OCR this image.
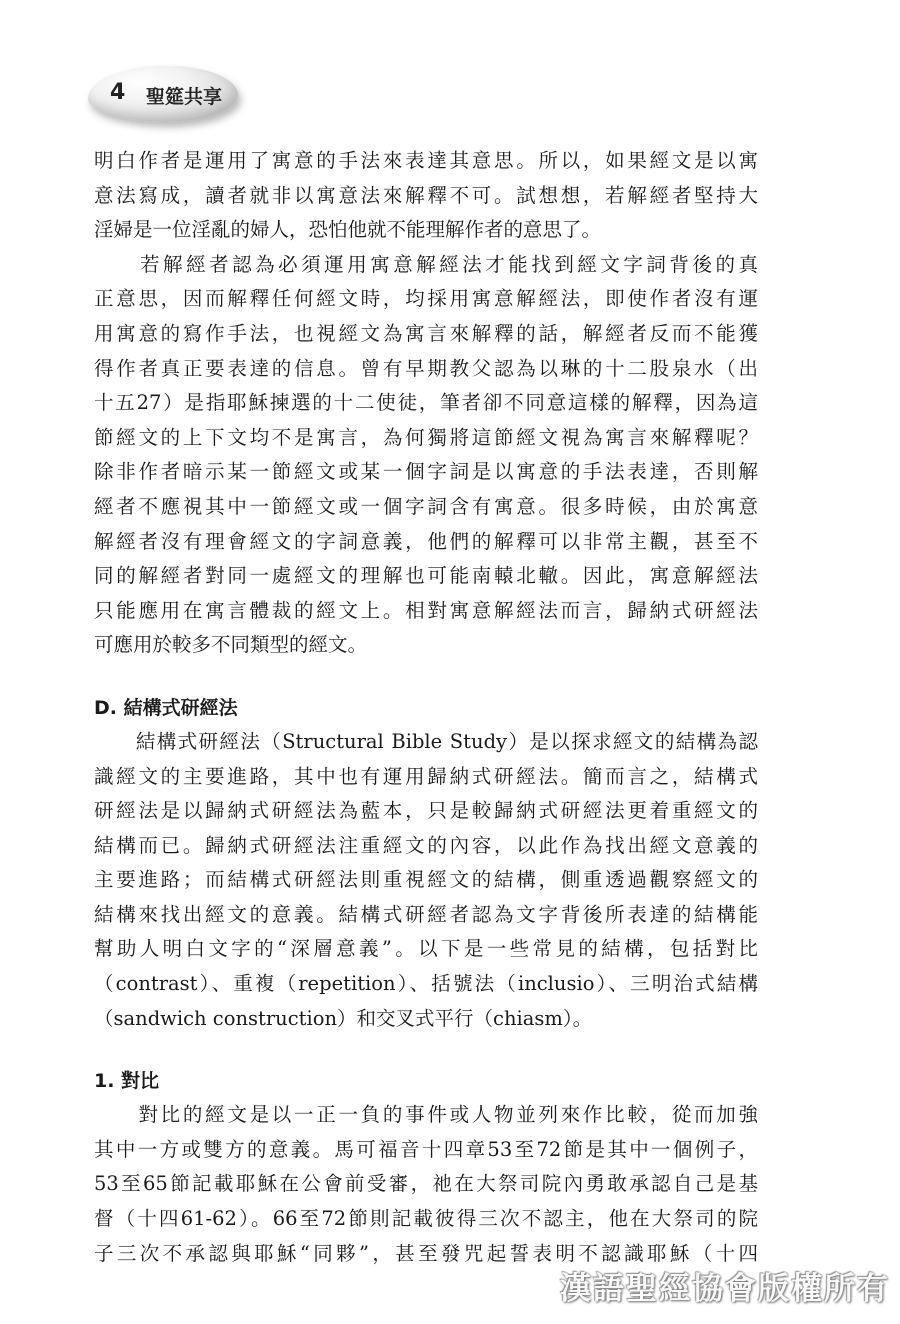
4 聖筵共享

明白作者是運用了寓意的手法來表達其意思。所以，如果經文是以寓
意法寫成，讀者就非以寓意法來解釋不可。試想想，若解經者堅持大
淫婦是一位淫亂的婦人，恐怕他就不能理解作者的意思了。

　　若解經者認為必須運用寓意解經法才能找到經文字詞背後的真
正意思，因而解釋任何經文時，均採用寓意解經法，即使作者沒有運
用寓意的寫作手法，也視經文為寓言來解釋的話，解經者反而不能獲
得作者真正要表達的信息。曾有早期教父認為以琳的十二股泉水（出
十五27）是指耶穌揀選的十二使徒，筆者卻不同意這樣的解釋，因為這
節經文的上下文均不是寓言，為何獨將這節經文視為寓言來解釋呢？
除非作者暗示某一節經文或某一個字詞是以寓意的手法表達，否則解
經者不應視其中一節經文或一個字詞含有寓意。很多時候，由於寓意
解經者沒有理會經文的字詞意義，他們的解釋可以非常主觀，甚至不
同的解經者對同一處經文的理解也可能南轅北轍。因此，寓意解經法
只能應用在寓言體裁的經文上。相對寓意解經法而言，歸納式研經法
可應用於較多不同類型的經文。

D. 結構式研經法

　　結構式研經法（Structural Bible Study）是以探求經文的結構為認
識經文的主要進路，其中也有運用歸納式研經法。簡而言之，結構式
研經法是以歸納式研經法為藍本，只是較歸納式研經法更着重經文的
結構而已。歸納式研經法注重經文的內容，以此作為找出經文意義的
主要進路；而結構式研經法則重視經文的結構，側重透過觀察經文的
結構來找出經文的意義。結構式研經者認為文字背後所表達的結構能
幫助人明白文字的“深層意義”。以下是一些常見的結構，包括對比
（contrast）、重複（repetition）、括號法（inclusio）、三明治式結構
（sandwich construction）和交叉式平行（chiasm）。

1. 對比

　　對比的經文是以一正一負的事件或人物並列來作比較，從而加強
其中一方或雙方的意義。馬可福音十四章53至72節是其中一個例子，
53至65節記載耶穌在公會前受審，祂在大祭司院內勇敢承認自己是基
督（十四61-62）。66至72節則記載彼得三次不認主，他在大祭司的院
子三次不承認與耶穌“同夥”，甚至發咒起誓表明不認識耶穌（十四

漢語聖經協會版權所有
